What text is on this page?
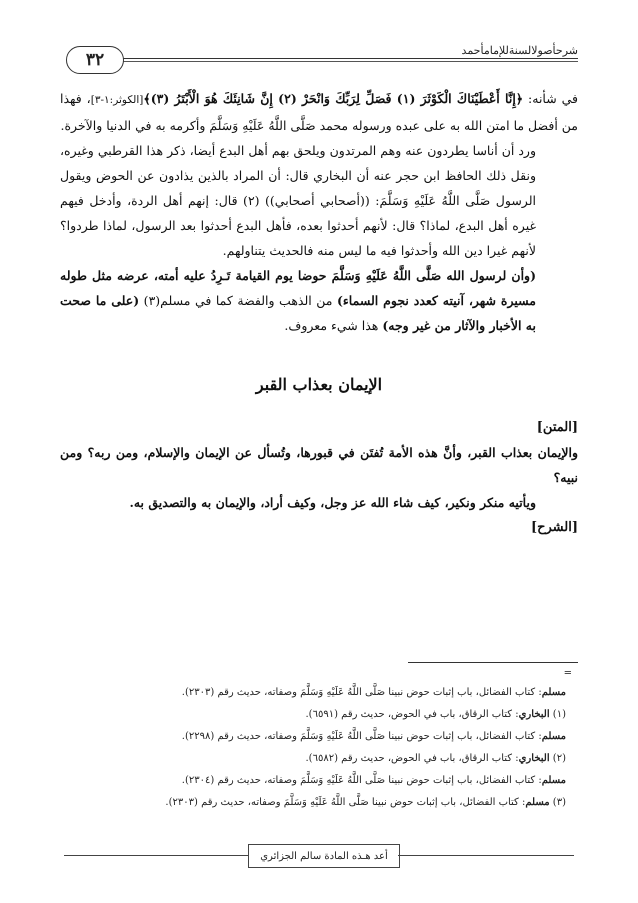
شرحأصولالسنةللإمامأحمد
٣٢

في شأنه: ﴿إِنَّا أَعْطَيْنَاكَ الْكَوْثَرَ (١) فَصَلِّ لِرَبِّكَ وَانْحَرْ (٢) إِنَّ شَانِئَكَ هُوَ الْأَبْتَرُ (٣)﴾[الكوثر:١-٣]، فهذا من أفضل ما امتن الله به على عبده ورسوله محمد صَلَّى اللَّهُ عَلَيْهِ وَسَلَّمَ وأكرمه به في الدنيا والآخرة.

ورد أن أناسا يطردون عنه وهم المرتدون ويلحق بهم أهل البدع أيضا، ذكر هذا القرطبي وغيره، ونقل ذلك الحافظ ابن حجر عنه أن البخاري قال: أن المراد بالذين يذادون عن الحوض ويقول الرسول صَلَّى اللَّهُ عَلَيْهِ وَسَلَّمَ: ((أصحابي أصحابي)) (٢) قال: إنهم أهل الردة، وأدخل فيهم غيره أهل البدع، لماذا؟ قال: لأنهم أحدثوا بعده، فأهل البدع أحدثوا بعد الرسول، لماذا طردوا؟ لأنهم غيرا دين الله وأحدثوا فيه ما ليس منه فالحديث يتناولهم.

(وأن لرسول الله صَلَّى اللَّهُ عَلَيْهِ وَسَلَّمَ حوضا يوم القيامة تَـرِدُ عليه أمته، عرضه مثل طوله مسيرة شهر، آنيته كعدد نجوم السماء) من الذهب والفضة كما في مسلم(٣) (على ما صحت به الأخبار والآثار من غير وجه) هذا شيء معروف.

الإيمان بعذاب القبر

[المتن]

والإيمان بعذاب القبر، وأنَّ هذه الأمة تُفتَن في قبورها، وتُسأل عن الإيمان والإسلام، ومن ربه؟ ومن نبيه؟

ويأتيه منكر ونكير، كيف شاء الله عز وجل، وكيف أراد، والإيمان به والتصديق به.

[الشرح]

=
مسلم: كتاب الفضائل، باب إثبات حوض نبينا صَلَّى اللَّهُ عَلَيْهِ وَسَلَّمَ وصفاته، حديث رقم (٢٣٠٣).
(١) البخاري: كتاب الرقاق، باب في الحوض، حديث رقم (٦٥٩١).
مسلم: كتاب الفضائل، باب إثبات حوض نبينا صَلَّى اللَّهُ عَلَيْهِ وَسَلَّمَ وصفاته، حديث رقم (٢٢٩٨).
(٢) البخاري: كتاب الرقاق، باب في الحوض، حديث رقم (٦٥٨٢).
مسلم: كتاب الفضائل، باب إثبات حوض نبينا صَلَّى اللَّهُ عَلَيْهِ وَسَلَّمَ وصفاته، حديث رقم (٢٣٠٤).
(٣) مسلم: كتاب الفضائل، باب إثبات حوض نبينا صَلَّى اللَّهُ عَلَيْهِ وَسَلَّمَ وصفاته، حديث رقم (٢٣٠٣).
أعد هـذه المادة سالم الجزائري
